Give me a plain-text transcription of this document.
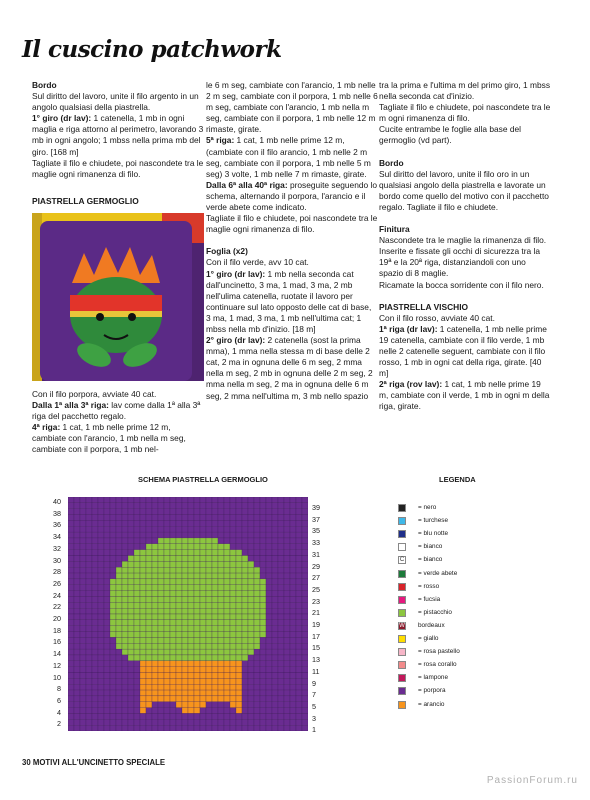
Il cuscino patchwork

Bordo

Sul diritto del lavoro, unite il filo argento in un angolo qualsiasi della piastrella.

1° giro (dr lav): 1 catenella, 1 mb in ogni maglia e riga attorno al perimetro, lavorando 3 mb in ogni angolo; 1 mbss nella prima mb del giro. [168 m]

Tagliate il filo e chiudete, poi nascondete tra le maglie ogni rimanenza di filo.

PIASTRELLA GERMOGLIO

Con il filo porpora, avviate 40 cat.

Dalla 1ª alla 3ª riga: lav come dalla 1ª alla 3ª riga del pacchetto regalo.

4ª riga: 1 cat, 1 mb nelle prime 12 m, cambiate con l'arancio, 1 mb nella m seg, cambiate con il porpora, 1 mb nel-

le 6 m seg, cambiate con l'arancio, 1 mb nelle 2 m seg, cambiate con il porpora, 1 mb nelle 6 m seg, cambiate con l'arancio, 1 mb nella m seg, cambiate con il porpora, 1 mb nelle 12 m rimaste, girate.

5ª riga: 1 cat, 1 mb nelle prime 12 m, (cambiate con il filo arancio, 1 mb nelle 2 m seg, cambiate con il porpora, 1 mb nelle 5 m seg) 3 volte, 1 mb nelle 7 m rimaste, girate.

Dalla 6ª alla 40ª riga: proseguite seguendo lo schema, alternando il porpora, l'arancio e il verde abete come indicato.

Tagliate il filo e chiudete, poi nascondete tra le maglie ogni rimanenza di filo.

Foglia (x2)

Con il filo verde, avv 10 cat.

1° giro (dr lav): 1 mb nella seconda cat dall'uncinetto, 3 ma, 1 mad, 3 ma, 2 mb nell'ulima catenella, ruotate il lavoro per continuare sul lato opposto delle cat di base, 3 ma, 1 mad, 3 ma, 1 mb nell'ultima cat; 1 mbss nella mb d'inizio. [18 m]

2° giro (dr lav): 2 catenella (sost la prima mma), 1 mma nella stessa m di base delle 2 cat, 2 ma in ognuna delle 6 m seg, 2 mma nella m seg, 2 mb in ognuna delle 2 m seg, 2 mma nella m seg, 2 ma in ognuna delle 6 m seg, 2 mma nell'ultima m, 3 mb nello spazio

tra la prima e l'ultima m del primo giro, 1 mbss nella seconda cat d'inizio.

Tagliate il filo e chiudete, poi nascondete tra le m ogni rimanenza di filo.

Cucite entrambe le foglie alla base del germoglio (vd part).

Bordo

Sul diritto del lavoro, unite il filo oro in un qualsiasi angolo della piastrella e lavorate un bordo come quello del motivo con il pacchetto regalo. Tagliate il filo e chiudete.

Finitura

Nascondete tra le maglie la rimanenza di filo.

Inserite e fissate gli occhi di sicurezza tra la 19ª e la 20ª riga, distanziandoli con uno spazio di 8 maglie.

Ricamate la bocca sorridente con il filo nero.

PIASTRELLA VISCHIO

Con il filo rosso, avviate 40 cat.

1ª riga (dr lav): 1 catenella, 1 mb nelle prime 19 catenella, cambiate con il filo verde, 1 mb nelle 2 catenelle seguent, cambiate con il filo rosso, 1 mb in ogni cat della riga, girate. [40 m]

2ª riga (rov lav): 1 cat, 1 mb nelle prime 19 m, cambiate con il verde, 1 mb in ogni m della riga, girate.

SCHEMA PIASTRELLA GERMOGLIO	LEGENDA
40
38
36
34
32
30
28
26
24
22
20
18
16
14
12
10
8
6
4
2
39
37
35
33
31
29
27
25
23
21
19
17
15
13
11
9
7
5
3
1
= nero
= turchese
= blu notte
= bianco
C = bianco
= verde abete
= rosso
= fucsia
= pistacchio
W bordeaux
= giallo
= rosa pastello
= rosa corallo
= lampone
= porpora
= arancio
30 MOTIVI ALL'UNCINETTO SPECIALE
PassionForum.ru
